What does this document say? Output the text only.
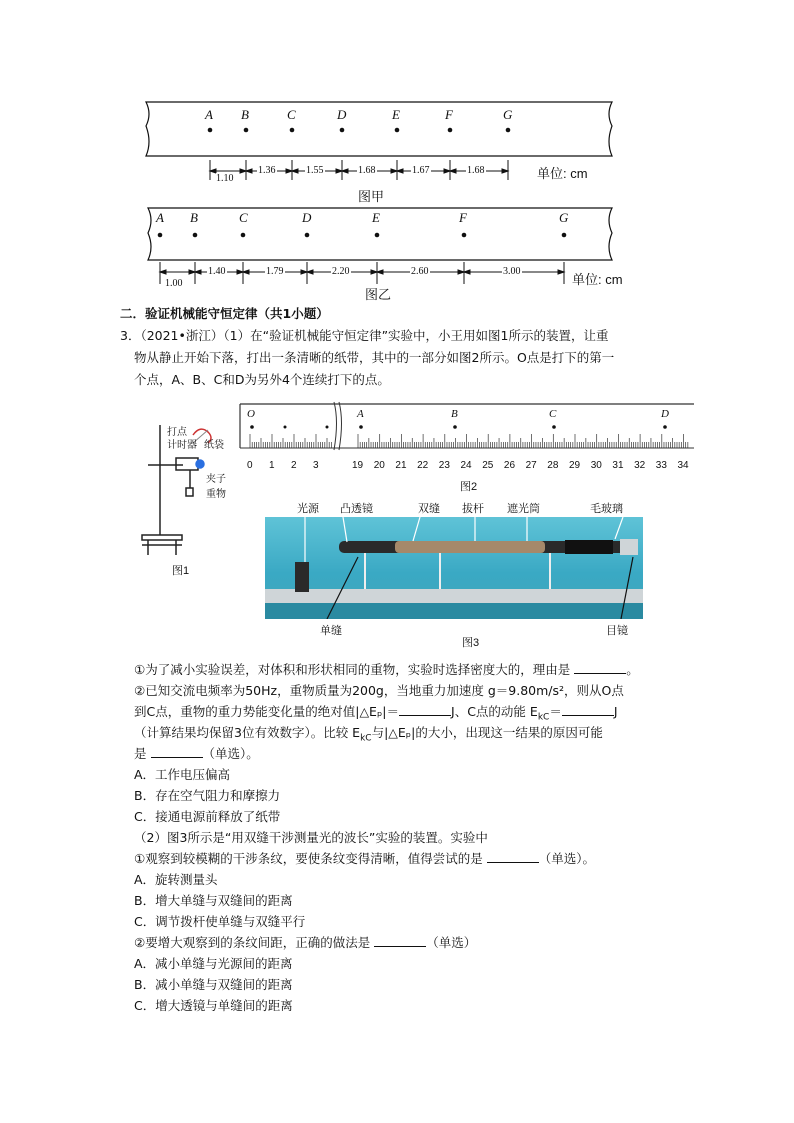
A B	C	D	E	F	G
1.10
1.36	1.55	1.68	1.67	1.68	单位: cm
图甲
A B	C	D	E	F	G
1.00
1.40	1.79	2.20	2.60	3.00
单位: cm
图乙
二．验证机械能守恒定律（共1小题）
3．（2021•浙江）（1）在“验证机械能守恒定律”实验中，小王用如图1所示的装置，让重
物从静止开始下落，打出一条清晰的纸带，其中的一部分如图2所示。O点是打下的第一
个点，A、B、C和D为另外4个连续打下的点。
打点
计时器 纸袋
夹子
重物
图1
O	A	B	C	D
0 1 2 3	19 20 21 22 23 24 25 26 27 28 29 30 31 32 33 34
图2
光源 凸透镜	双缝 拔杆 遮光筒	毛玻璃
单缝	目镜
图3
①为了减小实验误差，对体积和形状相同的重物，实验时选择密度大的，理由是	。
②已知交流电频率为50Hz，重物质量为200g，当地重力加速度 g＝9.80m/s²，则从O点
到C点，重物的重力势能变化量的绝对值|△Eₚ|＝	J、C点的动能 $E_{kC}=$	J
（计算结果均保留3位有效数字）。比较 $E_{kC}$与|△Eₚ|的大小，出现这一结果的原因可能
是	（单选）。
A．工作电压偏高
B．存在空气阻力和摩擦力
C．接通电源前释放了纸带
（2）图3所示是“用双缝干涉测量光的波长”实验的装置。实验中
①观察到较模糊的干涉条纹，要使条纹变得清晰，值得尝试的是	（单选）。
A．旋转测量头
B．增大单缝与双缝间的距离
C．调节拨杆使单缝与双缝平行
②要增大观察到的条纹间距，正确的做法是	（单选）
A．减小单缝与光源间的距离
B．减小单缝与双缝间的距离
C．增大透镜与单缝间的距离
